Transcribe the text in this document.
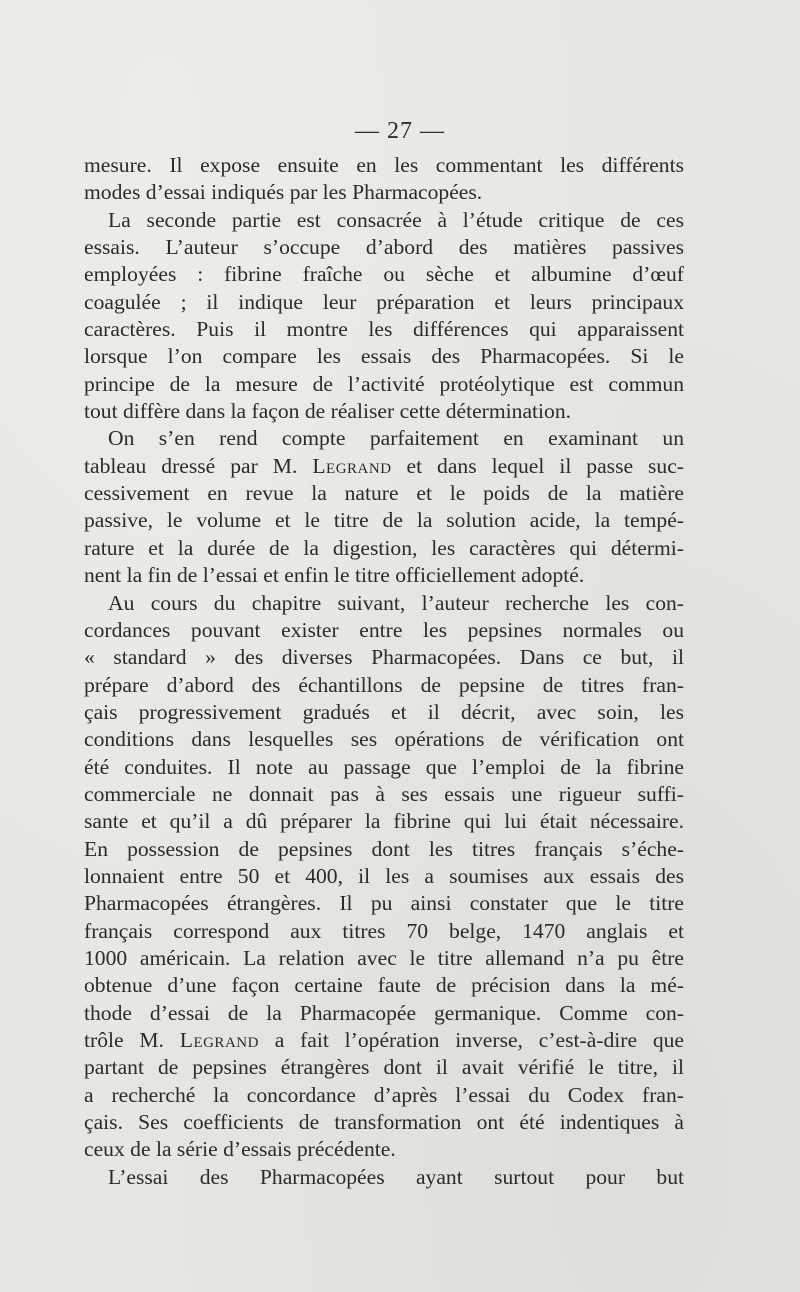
— 27 —
mesure. Il expose ensuite en les commentant les différents
modes d’essai indiqués par les Pharmacopées.
La seconde partie est consacrée à l’étude critique de ces
essais. L’auteur s’occupe d’abord des matières passives
employées : fibrine fraîche ou sèche et albumine d’œuf
coagulée ; il indique leur préparation et leurs principaux
caractères. Puis il montre les différences qui apparaissent
lorsque l’on compare les essais des Pharmacopées. Si le
principe de la mesure de l’activité protéolytique est commun
tout diffère dans la façon de réaliser cette détermination.
On s’en rend compte parfaitement en examinant un
tableau dressé par M. Legrand et dans lequel il passe suc-
cessivement en revue la nature et le poids de la matière
passive, le volume et le titre de la solution acide, la tempé-
rature et la durée de la digestion, les caractères qui détermi-
nent la fin de l’essai et enfin le titre officiellement adopté.
Au cours du chapitre suivant, l’auteur recherche les con-
cordances pouvant exister entre les pepsines normales ou
« standard » des diverses Pharmacopées. Dans ce but, il
prépare d’abord des échantillons de pepsine de titres fran-
çais progressivement gradués et il décrit, avec soin, les
conditions dans lesquelles ses opérations de vérification ont
été conduites. Il note au passage que l’emploi de la fibrine
commerciale ne donnait pas à ses essais une rigueur suffi-
sante et qu’il a dû préparer la fibrine qui lui était nécessaire.
En possession de pepsines dont les titres français s’éche-
lonnaient entre 50 et 400, il les a soumises aux essais des
Pharmacopées étrangères. Il pu ainsi constater que le titre
français correspond aux titres 70 belge, 1470 anglais et
1000 américain. La relation avec le titre allemand n’a pu être
obtenue d’une façon certaine faute de précision dans la mé-
thode d’essai de la Pharmacopée germanique. Comme con-
trôle M. Legrand a fait l’opération inverse, c’est-à-dire que
partant de pepsines étrangères dont il avait vérifié le titre, il
a recherché la concordance d’après l’essai du Codex fran-
çais. Ses coefficients de transformation ont été indentiques à
ceux de la série d’essais précédente.
L’essai des Pharmacopées ayant surtout pour but
